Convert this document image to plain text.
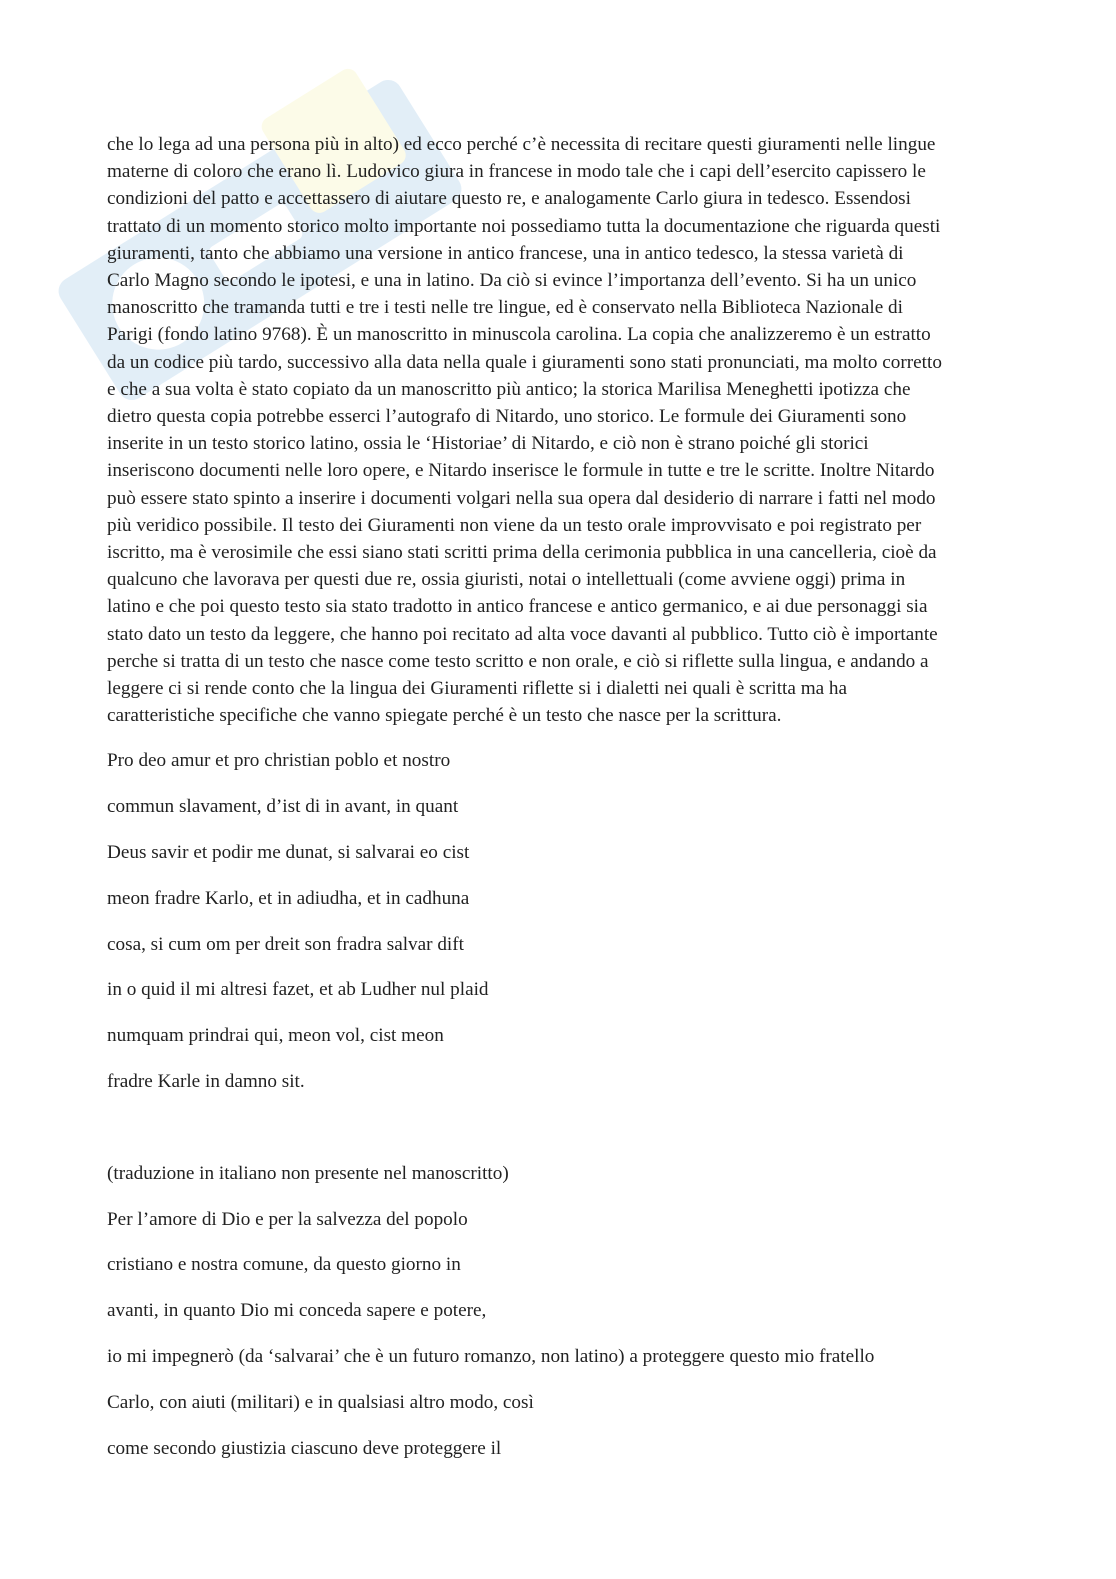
che lo lega ad una persona più in alto) ed ecco perché c’è necessita di recitare questi giuramenti nelle lingue
materne di coloro che erano lì. Ludovico giura in francese in modo tale che i capi dell’esercito capissero le
condizioni del patto e accettassero di aiutare questo re, e analogamente Carlo giura in tedesco. Essendosi
trattato di un momento storico molto importante noi possediamo tutta la documentazione che riguarda questi
giuramenti, tanto che abbiamo una versione in antico francese, una in antico tedesco, la stessa varietà di
Carlo Magno secondo le ipotesi, e una in latino. Da ciò si evince l’importanza dell’evento. Si ha un unico
manoscritto che tramanda tutti e tre i testi nelle tre lingue, ed è conservato nella Biblioteca Nazionale di
Parigi (fondo latino 9768). È un manoscritto in minuscola carolina. La copia che analizzeremo è un estratto
da un codice più tardo, successivo alla data nella quale i giuramenti sono stati pronunciati, ma molto corretto
e che a sua volta è stato copiato da un manoscritto più antico; la storica Marilisa Meneghetti ipotizza che
dietro questa copia potrebbe esserci l’autografo di Nitardo, uno storico. Le formule dei Giuramenti sono
inserite in un testo storico latino, ossia le ‘Historiae’ di Nitardo, e ciò non è strano poiché gli storici
inseriscono documenti nelle loro opere, e Nitardo inserisce le formule in tutte e tre le scritte. Inoltre Nitardo
può essere stato spinto a inserire i documenti volgari nella sua opera dal desiderio di narrare i fatti nel modo
più veridico possibile. Il testo dei Giuramenti non viene da un testo orale improvvisato e poi registrato per
iscritto, ma è verosimile che essi siano stati scritti prima della cerimonia pubblica in una cancelleria, cioè da
qualcuno che lavorava per questi due re, ossia giuristi, notai o intellettuali (come avviene oggi) prima in
latino e che poi questo testo sia stato tradotto in antico francese e antico germanico, e ai due personaggi sia
stato dato un testo da leggere, che hanno poi recitato ad alta voce davanti al pubblico. Tutto ciò è importante
perche si tratta di un testo che nasce come testo scritto e non orale, e ciò si riflette sulla lingua, e andando a
leggere ci si rende conto che la lingua dei Giuramenti riflette si i dialetti nei quali è scritta ma ha
caratteristiche specifiche che vanno spiegate perché è un testo che nasce per la scrittura.
Pro deo amur et pro christian poblo et nostro
commun slavament, d’ist di in avant, in quant
Deus savir et podir me dunat, si salvarai eo cist
meon fradre Karlo, et in adiudha, et in cadhuna
cosa, si cum om per dreit son fradra salvar dift
in o quid il mi altresi fazet, et ab Ludher nul plaid
numquam prindrai qui, meon vol, cist meon
fradre Karle in damno sit.
(traduzione in italiano non presente nel manoscritto)
Per l’amore di Dio e per la salvezza del popolo
cristiano e nostra comune, da questo giorno in
avanti, in quanto Dio mi conceda sapere e potere,
io mi impegnerò (da ‘salvarai’ che è un futuro romanzo, non latino) a proteggere questo mio fratello
Carlo, con aiuti (militari) e in qualsiasi altro modo, così
come secondo giustizia ciascuno deve proteggere il
